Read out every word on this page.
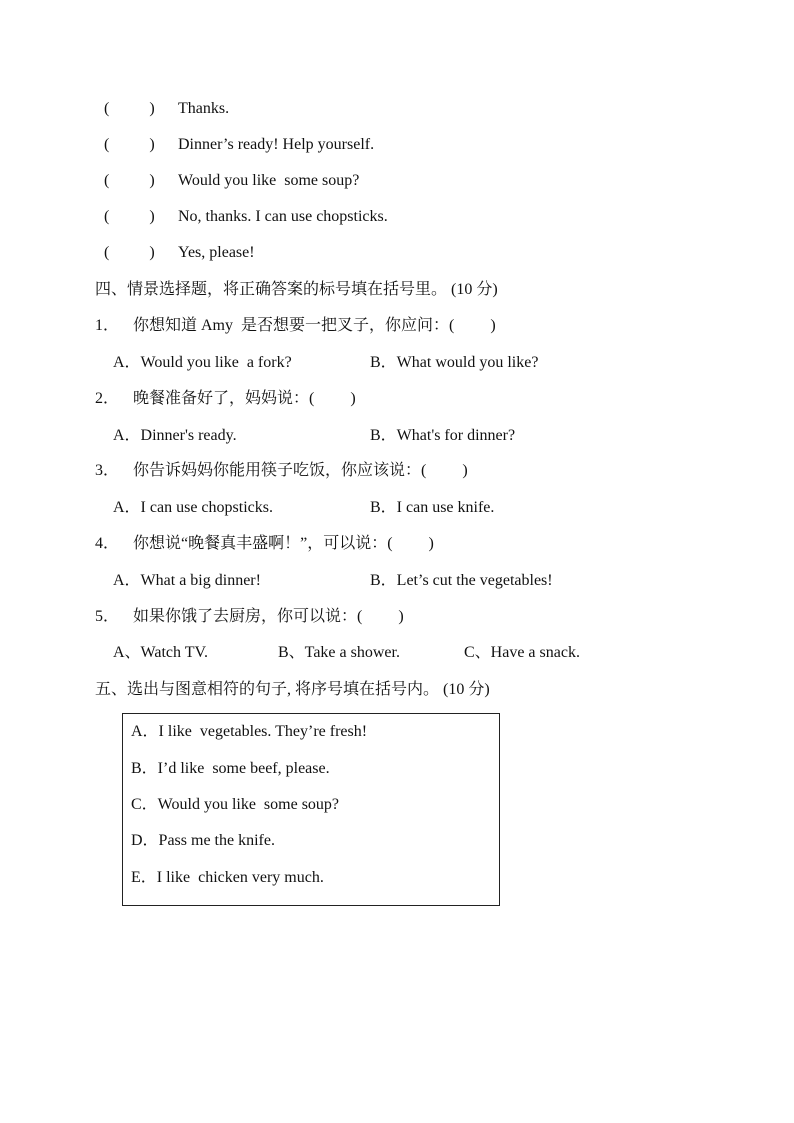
(          ) Thanks.
(          ) Dinner’s ready! Help yourself.
(          ) Would you like  some soup?
(          ) No, thanks. I can use chopsticks.
(          ) Yes, please!
四、情景选择题，将正确答案的标号填在括号里。 (10 分)
1． 你想知道 Amy  是否想要一把叉子，你应问：(         )
A．Would you like  a fork?	B．What would you like?
2． 晚餐准备好了，妈妈说：(         )
A．Dinner's ready.	B．What's for dinner?
3． 你告诉妈妈你能用筷子吃饭，你应该说：(         )
A．I can use chopsticks.	B．I can use knife.
4． 你想说“晚餐真丰盛啊！”，可以说：(         )
A．What a big dinner!	B．Let’s cut the vegetables!
5． 如果你饿了去厨房，你可以说：(         )
A、Watch TV.	B、Take a shower.	C、Have a snack.
五、选出与图意相符的句子, 将序号填在括号内。 (10 分)
A．I like  vegetables. They’re fresh!
B．I’d like  some beef, please.
C．Would you like  some soup?
D．Pass me the knife.
E．I like  chicken very much.
